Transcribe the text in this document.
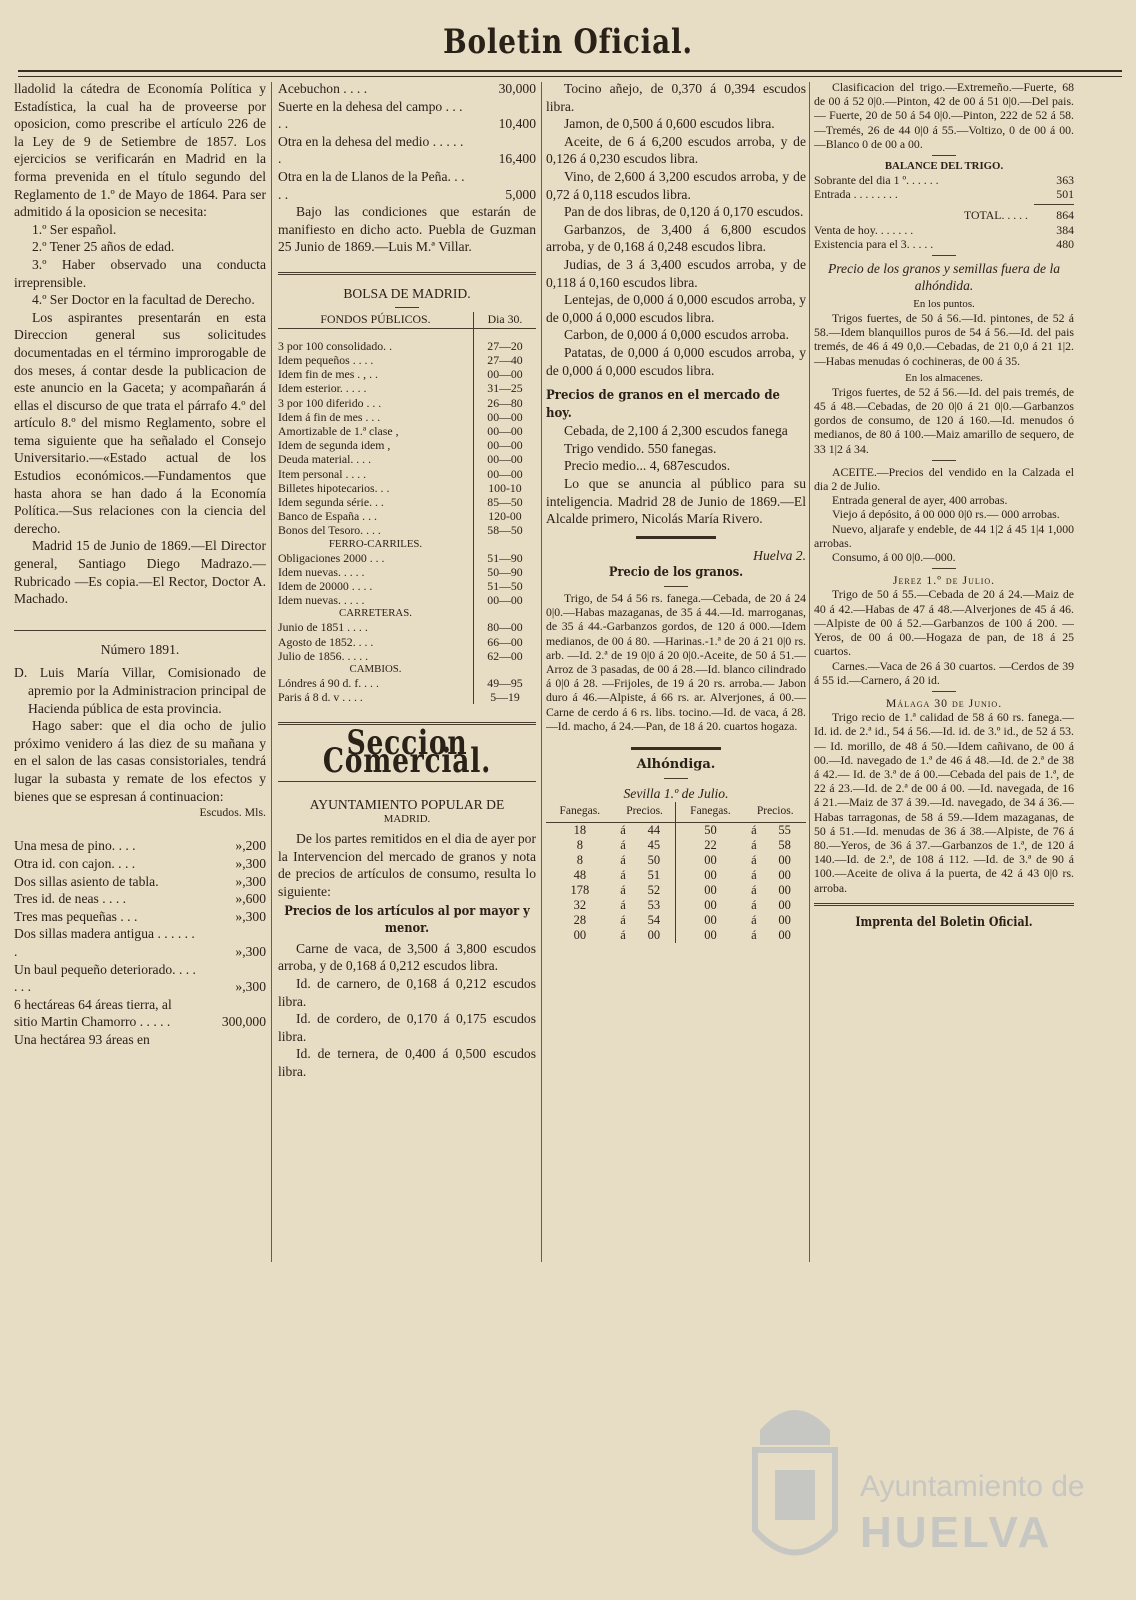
Boletin Oficial.

lladolid la cátedra de Economía Política y Estadística, la cual ha de proveerse por oposicion, como prescribe el artículo 226 de la Ley de 9 de Setiembre de 1857. Los ejercicios se verificarán en Madrid en la forma prevenida en el título segundo del Reglamento de 1.º de Mayo de 1864. Para ser admitido á la oposicion se necesita:

1.º Ser español.

2.º Tener 25 años de edad.

3.º Haber observado una conducta irreprensible.

4.º Ser Doctor en la facultad de Derecho.

Los aspirantes presentarán en esta Direccion general sus solicitudes documentadas en el término improrogable de dos meses, á contar desde la publicacion de este anuncio en la Gaceta; y acompañarán á ellas el discurso de que trata el párrafo 4.º del artículo 8.º del mismo Reglamento, sobre el tema siguiente que ha señalado el Consejo Universitario.—«Estado actual de los Estudios económicos.—Fundamentos que hasta ahora se han dado á la Economía Política.—Sus relaciones con la ciencia del derecho.

Madrid 15 de Junio de 1869.—El Director general, Santiago Diego Madrazo.—Rubricado —Es copia.—El Rector, Doctor A. Machado.

Número 1891.

D. Luis María Villar, Comisionado de apremio por la Administracion principal de Hacienda pública de esta provincia.

Hago saber: que el dia ocho de julio próximo venidero á las diez de su mañana y en el salon de las casas consistoriales, tendrá lugar la subasta y remate de los efectos y bienes que se espresan á continuacion:

Escudos. Mls.

Una mesa de pino. . . .	»,200
Otra id. con cajon. . . .	»,300
Dos sillas asiento de tabla.	»,300
Tres id. de neas . . . .	»,600
Tres mas pequeñas . . .	»,300
Dos sillas madera antigua . . . . . . .	»,300
Un baul pequeño deteriorado. . . . . . .	»,300
6 hectáreas 64 áreas tierra, al sitio Martin Chamorro . . . . .	300,000
Una hectárea 93 áreas en
Acebuchon . . . .	30,000
Suerte en la dehesa del campo . . . . .	10,400
Otra en la dehesa del medio . . . . . .	16,400
Otra en la de Llanos de la Peña. . . . .	5,000

Bajo las condiciones que estarán de manifiesto en dicho acto. Puebla de Guzman 25 Junio de 1869.—Luis M.ª Villar.

BOLSA DE MADRID.

FONDOS PÚBLICOS.	Dia 30.

3 por 100 consolidado. .	27—20
Idem pequeños . . . .	27—40
Idem fin de mes . , . .	00—00
Idem esterior. . . . .	31—25
3 por 100 diferido . . .	26—80
Idem á fin de mes . . .	00—00
Amortizable de 1.ª clase ,	00—00
Idem de segunda idem ,	00—00
Deuda material. . . .	00—00
Item personal . . . .	00—00
Billetes hipotecarios. . .	100-10
Idem segunda série. . .	85—50
Banco de España . . .	120-00
Bonos del Tesoro. . . .	58—50
FERRO-CARRILES.	
Obligaciones 2000 . . .	51—90
Idem nuevas. . . . .	50—90
Idem de 20000 . . . .	51—50
Idem nuevas. . . . .	00—00
CARRETERAS.	
Junio de 1851 . . . .	80—00
Agosto de 1852. . . .	66—00
Julio de 1856. . . . .	62—00
CAMBIOS.	
Lóndres á 90 d. f. . . .	49—95
Paris á 8 d. v . . . .	5—19
Seccion Comercial.

AYUNTAMIENTO POPULAR DE

MADRID.

De los partes remitidos en el dia de ayer por la Intervencion del mercado de granos y nota de precios de artículos de consumo, resulta lo siguiente:

Precios de los artículos al por mayor y menor.

Carne de vaca, de 3,500 á 3,800 escudos arroba, y de 0,168 á 0,212 escudos libra.

Id. de carnero, de 0,168 á 0,212 escudos libra.

Id. de cordero, de 0,170 á 0,175 escudos libra.

Id. de ternera, de 0,400 á 0,500 escudos libra.

Tocino añejo, de 0,370 á 0,394 escudos libra.

Jamon, de 0,500 á 0,600 escudos libra.

Aceite, de 6 á 6,200 escudos arroba, y de 0,126 á 0,230 escudos libra.

Vino, de 2,600 á 3,200 escudos arroba, y de 0,72 á 0,118 escudos libra.

Pan de dos libras, de 0,120 á 0,170 escudos.

Garbanzos, de 3,400 á 6,800 escudos arroba, y de 0,168 á 0,248 escudos libra.

Judias, de 3 á 3,400 escudos arroba, y de 0,118 á 0,160 escudos libra.

Lentejas, de 0,000 á 0,000 escudos arroba, y de 0,000 á 0,000 escudos libra.

Carbon, de 0,000 á 0,000 escudos arroba.

Patatas, de 0,000 á 0,000 escudos arroba, y de 0,000 á 0,000 escudos libra.

Precios de granos en el mercado de hoy.

Cebada, de 2,100 á 2,300 escudos fanega

Trigo vendido. 550 fanegas.

Precio medio... 4, 687escudos.

Lo que se anuncia al público para su inteligencia. Madrid 28 de Junio de 1869.—El Alcalde primero, Nicolás María Rivero.

Huelva 2.

Precio de los granos.

Trigo, de 54 á 56 rs. fanega.—Cebada, de 20 á 24 0|0.—Habas mazaganas, de 35 á 44.—Id. marroganas, de 35 á 44.-Garbanzos gordos, de 120 á 000.—Idem medianos, de 00 á 80. —Harinas.-1.ª de 20 á 21 0|0 rs. arb. —Id. 2.ª de 19 0|0 á 20 0|0.-Aceite, de 50 á 51.—Arroz de 3 pasadas, de 00 á 28.—Id. blanco cilindrado á 0|0 á 28. —Frijoles, de 19 á 20 rs. arroba.— Jabon duro á 46.—Alpiste, á 66 rs. ar. Alverjones, á 00.—Carne de cerdo á 6 rs. libs. tocino.—Id. de vaca, á 28. —Id. macho, á 24.—Pan, de 18 á 20. cuartos hogaza.

Alhóndiga.

Sevilla 1.º de Julio.

Fanegas.	Precios.		Fanegas.	Precios.	
18	á	44	50	á	55
8	á	45	22	á	58
8	á	50	00	á	00
48	á	51	00	á	00
178	á	52	00	á	00
32	á	53	00	á	00
28	á	54	00	á	00
00	á	00	00	á	00

Clasificacion del trigo.—Extremeño.—Fuerte, 68 de 00 á 52 0|0.—Pinton, 42 de 00 á 51 0|0.—Del pais.— Fuerte, 20 de 50 á 54 0|0.—Pinton, 222 de 52 á 58.—Tremés, 26 de 44 0|0 á 55.—Voltizo, 0 de 00 á 00.—Blanco 0 de 00 a 00.

BALANCE DEL TRIGO.

Sobrante del dia 1 º. . . . . .	363
Entrada . . . . . . . .	501
TOTAL. . . . .	864
Venta de hoy. . . . . . .	384
Existencia para el 3. . . . .	480

Precio de los granos y semillas fuera de la alhóndida.

En los puntos.

Trigos fuertes, de 50 á 56.—Id. pintones, de 52 á 58.—Idem blanquillos puros de 54 á 56.—Id. del pais tremés, de 46 á 49 0,0.—Cebadas, de 21 0,0 á 21 1|2.—Habas menudas ó cochineras, de 00 á 35.

En los almacenes.

Trigos fuertes, de 52 á 56.—Id. del pais tremés, de 45 á 48.—Cebadas, de 20 0|0 á 21 0|0.—Garbanzos gordos de consumo, de 120 á 160.—Id. menudos ó medianos, de 80 á 100.—Maiz amarillo de sequero, de 33 1|2 á 34.

ACEITE.—Precios del vendido en la Calzada el dia 2 de Julio.

Entrada general de ayer, 400 arrobas.

Viejo á depósito, á 00 000 0|0 rs.— 000 arrobas.

Nuevo, aljarafe y endeble, de 44 1|2 á 45 1|4 1,000 arrobas.

Consumo, á 00 0|0.—000.

Jerez 1.º de Julio.

Trigo de 50 á 55.—Cebada de 20 á 24.—Maiz de 40 á 42.—Habas de 47 á 48.—Alverjones de 45 á 46.—Alpiste de 00 á 52.—Garbanzos de 100 á 200. —Yeros, de 00 á 00.—Hogaza de pan, de 18 á 25 cuartos.

Carnes.—Vaca de 26 á 30 cuartos. —Cerdos de 39 á 55 id.—Carnero, á 20 id.

Málaga 30 de Junio.

Trigo recio de 1.ª calidad de 58 á 60 rs. fanega.—Id. id. de 2.ª id., 54 á 56.—Id. id. de 3.º id., de 52 á 53.— Id. morillo, de 48 á 50.—Idem cañivano, de 00 á 00.—Id. navegado de 1.ª de 46 á 48.—Id. de 2.ª de 38 á 42.— Id. de 3.ª de á 00.—Cebada del pais de 1.ª, de 22 á 23.—Id. de 2.ª de 00 á 00. —Id. navegada, de 16 á 21.—Maiz de 37 á 39.—Id. navegado, de 34 á 36.— Habas tarragonas, de 58 á 59.—Idem mazaganas, de 50 á 51.—Id. menudas de 36 á 38.—Alpiste, de 76 á 80.—Yeros, de 36 á 37.—Garbanzos de 1.ª, de 120 á 140.—Id. de 2.ª, de 108 á 112. —Id. de 3.ª de 90 á 100.—Aceite de oliva á la puerta, de 42 á 43 0|0 rs. arroba.

Imprenta del Boletin Oficial.

Ayuntamiento de
HUELVA
